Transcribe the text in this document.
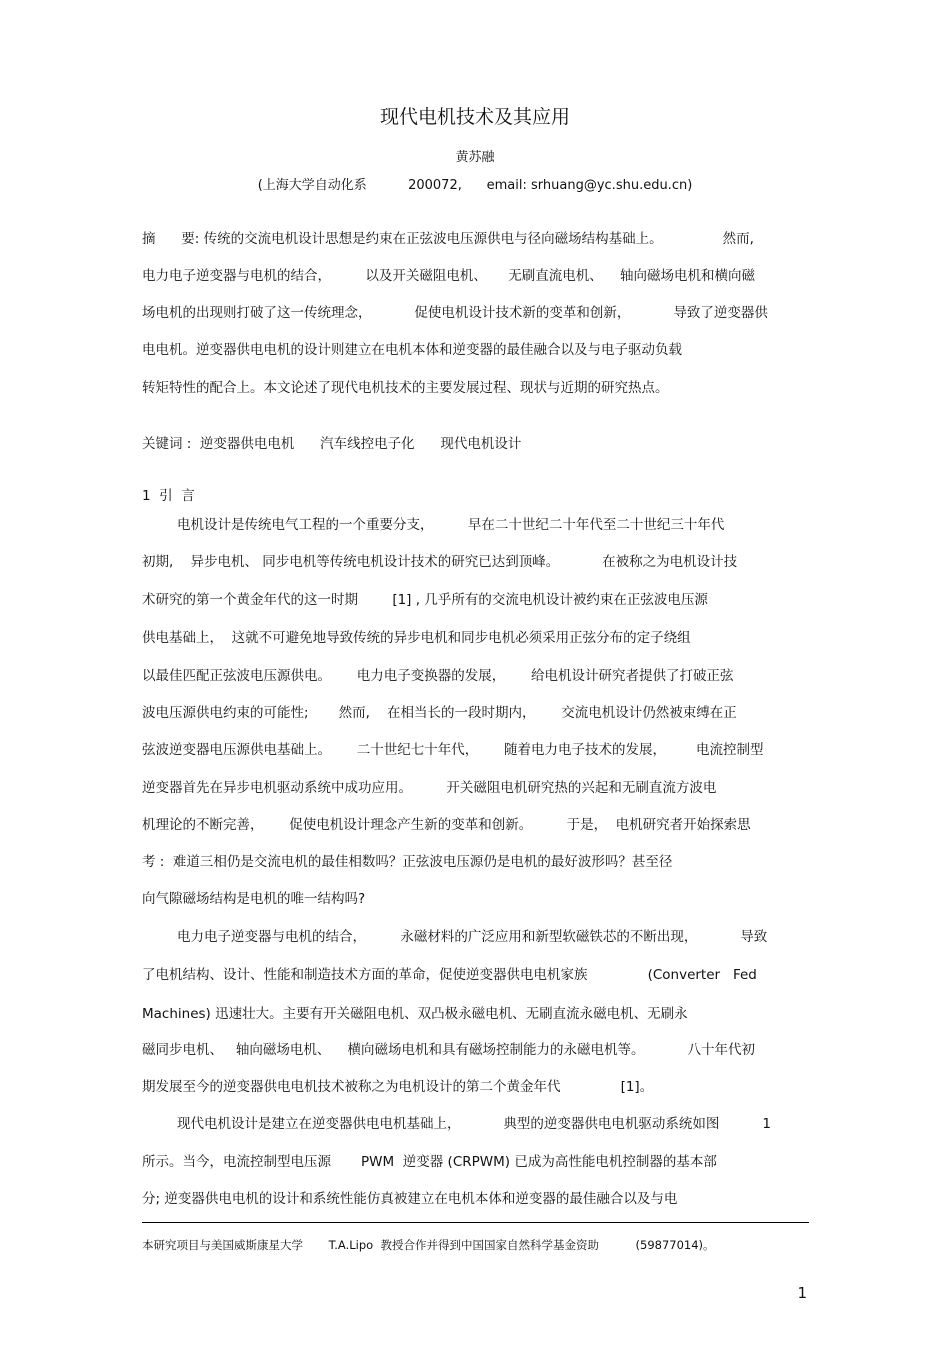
现代电机技术及其应用
黄苏融
(上海大学自动化系          200072,      email: srhuang@yc.shu.edu.cn)
摘      要: 传统的交流电机设计思想是约束在正弦波电压源供电与径向磁场结构基础上。              然而,
电力电子逆变器与电机的结合，        以及开关磁阻电机、     无刷直流电机、    轴向磁场电机和横向磁
场电机的出现则打破了这一传统理念，          促使电机设计技术新的变革和创新，          导致了逆变器供
电电机。逆变器供电电机的设计则建立在电机本体和逆变器的最佳融合以及与电子驱动负载
转矩特性的配合上。本文论述了现代电机技术的主要发展过程、现状与近期的研究热点。
关键词 :  逆变器供电电机      汽车线控电子化      现代电机设计
1  引  言
电机设计是传统电气工程的一个重要分支，        早在二十世纪二十年代至二十世纪三十年代
初期,    异步电机、 同步电机等传统电机设计技术的研究已达到顶峰。          在被称之为电机设计技
术研究的第一个黄金年代的这一时期        [1] , 几乎所有的交流电机设计被约束在正弦波电压源
供电基础上，  这就不可避免地导致传统的异步电机和同步电机必须采用正弦分布的定子绕组
以最佳匹配正弦波电压源供电。      电力电子变换器的发展，      给电机设计研究者提供了打破正弦
波电压源供电约束的可能性;       然而,    在相当长的一段时期内，      交流电机设计仍然被束缚在正
弦波逆变器电压源供电基础上。      二十世纪七十年代，      随着电力电子技术的发展，       电流控制型
逆变器首先在异步电机驱动系统中成功应用。        开关磁阻电机研究热的兴起和无刷直流方波电
机理论的不断完善，      促使电机设计理念产生新的变革和创新。        于是，  电机研究者开始探索思
考 :  难道三相仍是交流电机的最佳相数吗？正弦波电压源仍是电机的最好波形吗？甚至径
向气隙磁场结构是电机的唯一结构吗?
电力电子逆变器与电机的结合，        永磁材料的广泛应用和新型软磁铁芯的不断出现，          导致
了电机结构、设计、性能和制造技术方面的革命，促使逆变器供电电机家族              (Converter   Fed
Machines) 迅速壮大。主要有开关磁阻电机、双凸极永磁电机、无刷直流永磁电机、无刷永
磁同步电机、   轴向磁场电机、    横向磁场电机和具有磁场控制能力的永磁电机等。          八十年代初
期发展至今的逆变器供电电机技术被称之为电机设计的第二个黄金年代              [1]。
现代电机设计是建立在逆变器供电电机基础上，          典型的逆变器供电电机驱动系统如图          1
所示。当今，电流控制型电压源       PWM  逆变器 (CRPWM) 已成为高性能电机控制器的基本部
分; 逆变器供电电机的设计和系统性能仿真被建立在电机本体和逆变器的最佳融合以及与电
本研究项目与美国威斯康星大学       T.A.Lipo  教授合作并得到中国国家自然科学基金资助          (59877014)。
1
